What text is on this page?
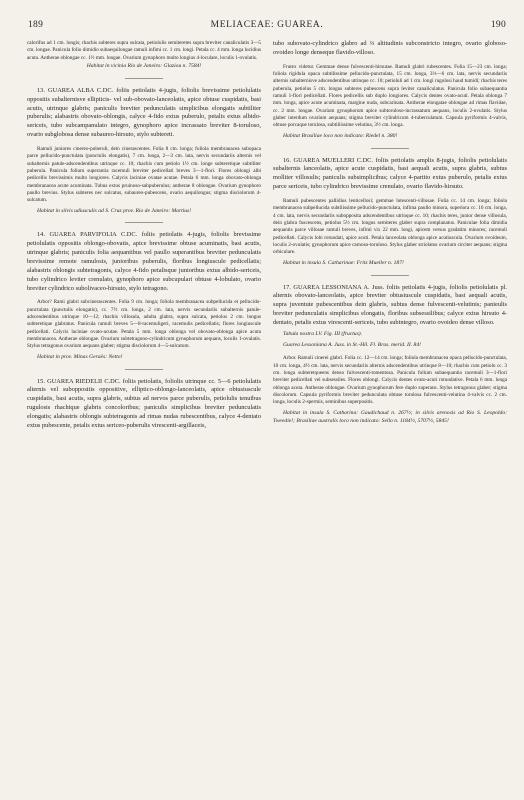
189	MELIACEAE: GUAREA.	190

calorifus ad 1 cm. longis; rhachis subteres supra sulcata, petiolulis semiteretes supra breviter canaliculatis 3—5 cm. longae. Panicula folio dimidio subaequilongae ramuli infimi cc. 1 cm. longi. Petala cc. 4 mm. longa lucidius acuta. Antherae oblongae cc. 1½ mm. longae. Ovarium gynophoro multo longius 4-loculare, loculis 1-ovulatis.

Habitat in vicinia Rio de Janeiro: Glaziou n. 7584!

13. GUAREA ALBA C.DC. foliis petiolatis 4-jugis, foliolis brevissime petiolulatis oppositis subalternisve ellipticis- vel sub-obovato-lanceolatis, apice obtuse cuspidatis, basi acutis, utrinque glabris; paniculis breviter pedunculatis simplicibus elongatis subtiliter puberulis; alabastris obovato-oblongis, calyce 4-fido extus puberulo, petalis extus albido-sericeis, tubo subcampanulato integro, gynophoro apice incrassato breviter 8-toruloso, ovario subglobosa dense subaureo-hirsuto, stylo subtereti.

Ramuli juniores cinereo-puberuli, dein cinerascentes. Folia 8 cm. longa; foliola membranacea subopaca parce pellucido-punctulata (punctulis elongatis), 7 cm. longa, 2—3 cm. lata, nervis secundariis alternis vel subalternis patule-adscendentibus utrinque cc. 10; rhachis cum petiolo 1½ cm. longe subteretique subtiliter puberula. Panicula folium superantia racemuli breviter pedicellati breves 3—1-flori. Flores oblongi albi pedicellis brevissimis multo longiores. Calycis laciniae ovatae acutae. Petala 6 mm. longa obovato-oblonga membranacea acute acuminata. Tubus extus pruinoso-subpuberulus; antherae 8 oblongae. Ovarium gynophoro paullo brevius. Stylus subteres nec sulcatus, subaureo-pubescens, ovario aequilongus; stigma disciolorum 4-sulcatum.

Habitat in silvis udiusculis ad S. Cruz prov. Rio de Janeiro: Martius!

14. GUAREA PARVIFOLIA C.DC. foliis petiolatis 4-jugis, foliolis brevissime petiolulatis oppositis oblongo-obovatis, apice brevissime obtuse acuminatis, basi acutis, utrinque glabris; paniculis folia aequantibus vel paullo superantibus breviter pedunculatis brevissime remote ramulosis, junioribus puberulis, floribus longiuscule pedicellatis; alabastris oblongis subtetragonis, calyce 4-fido petalisque junioribus extus albido-sericeis, tubo cylindrico leviter crenulato, gynophoro apice subcupulari obtuse 4-lobulato, ovario breviter cylindrico subolivaceo-hirsuto, stylo tetragono.

Arbor? Rami glabri subcinerascentes. Folia 9 cm. longa; foliola membranacea subpellucida et pellucido-punctulata (punctulis elongatis), cc. 7½ cm. longa, 2 cm. lata, nervis secundariis subalternis patule-adscendentibus utrinque 10—12; rhachis villosula, adulta glabra, supra sulcata, petiolus 2 cm. longus subteretique glabratus. Panicula ramuli breves 5—8-racemuligeri, racemulis pedicellatis; flores longiuscule pedicellati. Calycis laciniae ovato-acutae. Petala 5 mm. longa oblonga vel obovato-oblonga apice acuta membranacea. Antherae oblongae. Ovarium subtetragono-cylindricum gynophorum aequans, loculis 1-ovulatis. Stylus tetragonus ovarium aequans glaber; stigma disciolorum 4—5-sulcatum.

Habitat in prov. Minas Geraës: Netto!

15. GUAREA RIEDELII C.DC. foliis petiolatis, foliolis utrinque cc. 5—6 petiolulatis alternis vel suboppositis oppositive, elliptico-oblongo-lanceolatis, apice obtusiuscule cuspidatis, basi acutis, supra glabris, subtus ad nervos parce puberulis, petiolulis tenuibus rugulosis rhachique glabris concoloribus; paniculis simplicibus breviter pedunculatis elongatis; alabastris oblongis subtetragonis ad rimas nudas rubescentibus, calyce 4-dentato extus pubescente, petalis extus sericeo-puberulis virescenti-argillaceis,

tubo subovato-cylindrico glabro ad ⅔ altitudinis subconstricto integro, ovario globoso-ovoideo longe denseque flavido-villoso.

Frutex videtur. Gemmae dense fulvescenti-hirsutae. Ramuli glabri rubescentes. Folia 15—23 cm. longa; foliola rigidula opaca subtilissime pellucido-punctulata, 15 cm. longa, 3⅔—6 cm. lata, nervis secundariis alternis subalternisve adscendentibus utrinque cc. 10; petioluli ad 1 cm. longi rugulosi haud tumidi; rhachis teres puberula, petiolus 5 cm. longus subteres pubescens supra leviter canaliculatus. Panicula folio subaequantia ramuli 1-flori pedicellati. Flores pedicellis sub duplo longiores. Calycis dentes ovato-acuti. Petala oblonga 7 mm. longa, apice acute acuminata, margine nuda, subcarinata. Antherae elongatae oblongae ad rimas flavidae, cc. 2 mm. longae. Ovarium gynophorum apice subtoruloso-incrassatum aequans, loculis 2-ovulatis. Stylus glaber interdum ovarium aequans; stigma breviter cylindricum 4-tuberculatum. Capsula pyriformis 4-valvis, obtuse porcaque torulosa, subtiliissime velutina, 3½ cm. longa.

Habitat Brasiliae loco non indicato: Riedel n. 380!

16. GUAREA MUELLERI C.DC. foliis petiolatis amplis 8-jugis, foliolis petiolulatis subalternis lanceolatis, apice acute cuspidatis, basi aequali acutis, supra glabris, subtus molliter villosulis; paniculis subsimplicibus; calyce 4-partito extus puberulo, petalis extus parce sericeis, tubo cylindrico brevissime crenulato, ovario flavido-hirsuto.

Ramuli pubescentes pallidius lenticellosi; gemmae lutescenti-villosae. Folia cc. 14 cm. longa; foliola membranacea subpellucida subtilissime pellucido-punctulata, infima paullo minora, superiora cc. 10 cm. longa, 4 cm. lata, nervis secundariis subopposita adscendentibus utrinque cc. 10; rhachis teres, junior dense villosula, dein glabra fuscescens, petiolus 5½ cm. longus semiteres glaber supra complanatus. Paniculae folia dimidia aequantis parce villosae ramuli breves, infimi vix 22 mm. longi, apicem versus gradatim minores; racemuli pedicellati. Calycis lobi rotundati, apice acuti. Petala lanceolata oblonga apice acutiuscula. Ovarium ovoideum, loculis 2-ovulatis; gynophorum apice carnoso-toruloso. Stylus glaber striolatus ovarium circiter aequans; stigma orbiculare.

Habitat in insula S. Catharinae: Fritz Mueller n. 187!

17. GUAREA LESSONIANA A. Juss. foliis petiolatis 4-jugis, foliolis petiolulatis pl. alternis obovato-lanceolatis, apice breviter obtusiuscule cuspidatis, basi aequali acutis, supra juventute pubescentibus dein glabris, subtus dense fulvescenti-velutinis; panieulis breviter pedunculatis simplicibus elongatis, floribus subsessilibus; calyce extus hirsuto 4-dentato, petalis extus virescenti-sericeis, tubo subintegro, ovario ovoideo dense villoso.

Tabula nostra LV. Fig. III (fructus).

Guarea Lessoniana A. Juss. in St.-Hil. Fl. Bras. merid. II. 84!

Arbor. Ramuli cinerei glabri. Folia cc. 12—14 cm. longa; foliola membranacea opaca pellucido-punctulata, 10 cm. longa, 4½ cm. lata, nervis secundariis alternis adscendentibus utrinque 8—10; rhachis cum petiolo cc. 3 cm. longa subteretqueens denso fulvescenti-tomentosa. Panicula folium subaequantia racemuli 3—1-flori breviter pedicellati vel subsessiles. Flores oblongi. Calycis dentes ovato-acuti rotundative. Petala 6 mm. longa oblonga acuta. Antherae oblongae. Ovarium gynophorum fere duplo superans. Stylus tetragonus glaber; stigma discolorum. Capsula pyriformis breviter pedunculata obtuse torulosa fulvescenti-velutina 4-valvis cc. 2 cm. longa, loculis 2-spermis, seminibus superpositis.

Habitat in insula S. Catharina: Gaudichaud n. 267½; in silvis arenosis ad Rio S. Leopoldo: Tweedie!; Brasiliae australis loco non indicato: Sello n. 1184½, 5707½, 5845!
